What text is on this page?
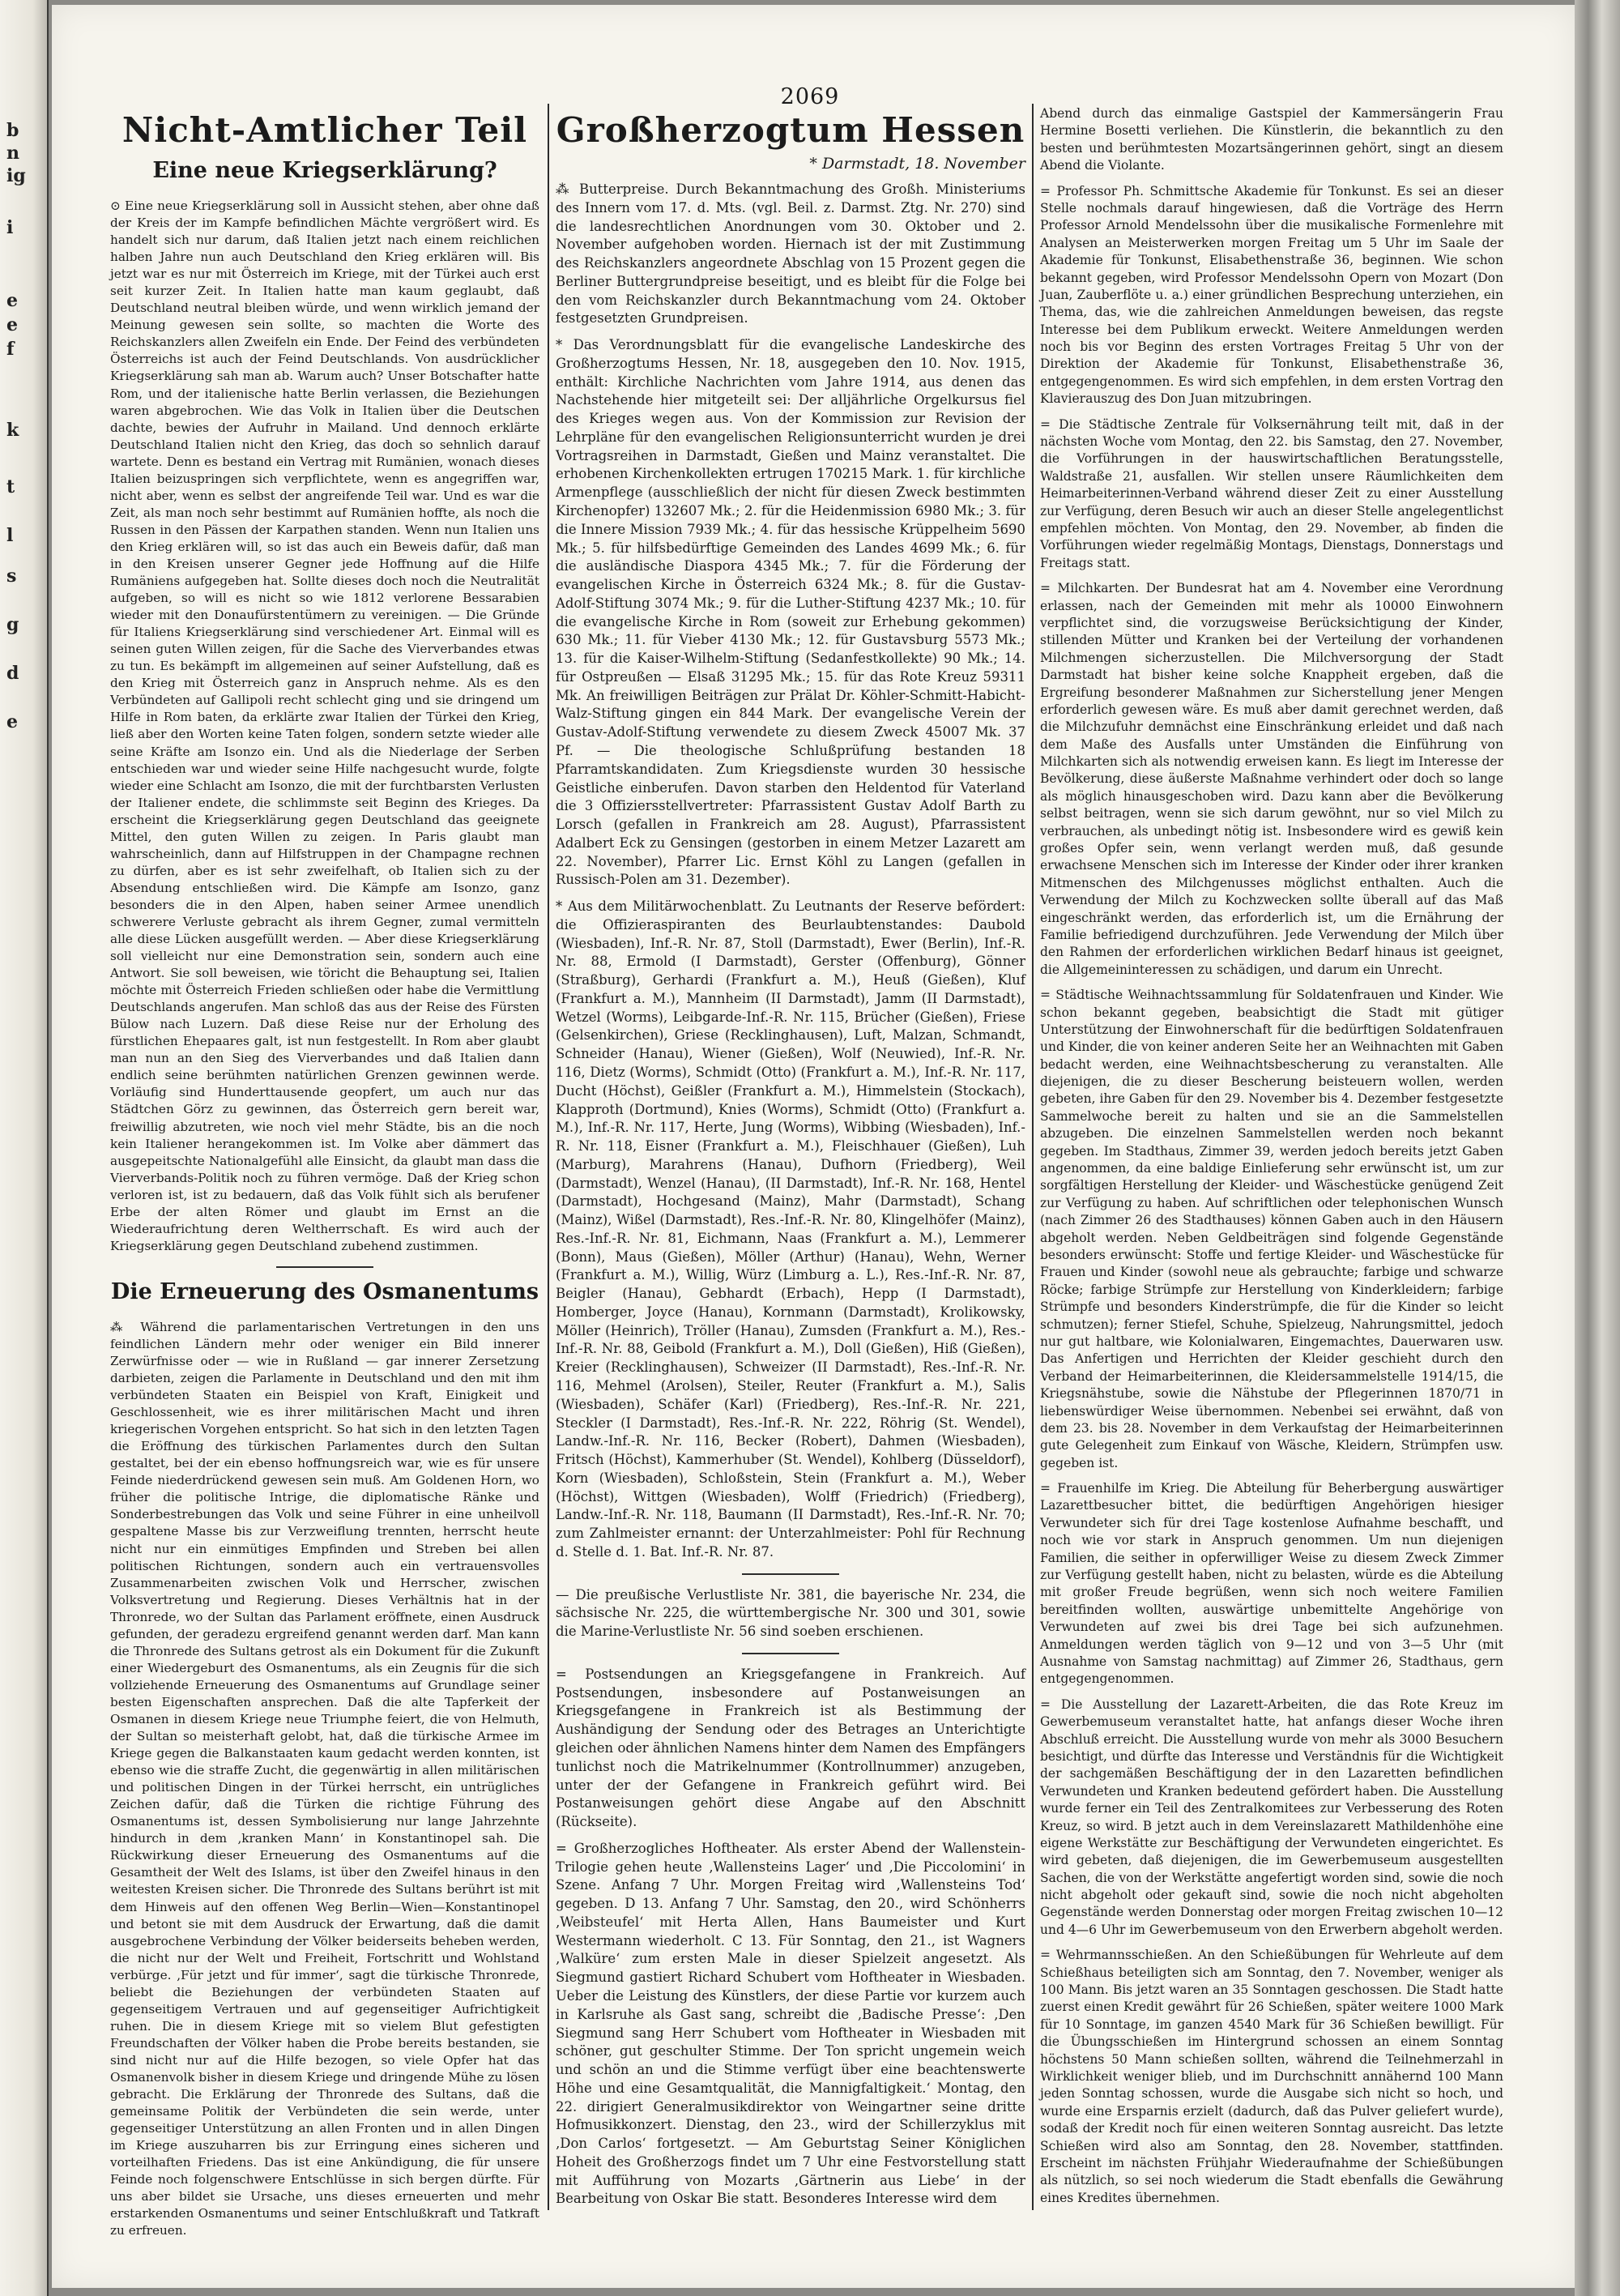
b
n
ig
i
e
e
f
k
t
l
s
g
d
e
2069
Nicht-Amtlicher Teil
Eine neue Kriegserklärung?

⊙ Eine neue Kriegserklärung soll in Aussicht stehen, aber ohne daß der Kreis der im Kampfe befindlichen Mächte vergrößert wird. Es handelt sich nur darum, daß Italien jetzt nach einem reichlichen halben Jahre nun auch Deutschland den Krieg erklären will. Bis jetzt war es nur mit Österreich im Kriege, mit der Türkei auch erst seit kurzer Zeit. In Italien hatte man kaum geglaubt, daß Deutschland neutral bleiben würde, und wenn wirklich jemand der Meinung gewesen sein sollte, so machten die Worte des Reichskanzlers allen Zweifeln ein Ende. Der Feind des verbündeten Österreichs ist auch der Feind Deutschlands. Von ausdrücklicher Kriegserklärung sah man ab. Warum auch? Unser Botschafter hatte Rom, und der italienische hatte Berlin verlassen, die Beziehungen waren abgebrochen. Wie das Volk in Italien über die Deutschen dachte, bewies der Aufruhr in Mailand. Und dennoch erklärte Deutschland Italien nicht den Krieg, das doch so sehnlich darauf wartete. Denn es bestand ein Vertrag mit Rumänien, wonach dieses Italien beizuspringen sich verpflichtete, wenn es angegriffen war, nicht aber, wenn es selbst der angreifende Teil war. Und es war die Zeit, als man noch sehr bestimmt auf Rumänien hoffte, als noch die Russen in den Pässen der Karpathen standen. Wenn nun Italien uns den Krieg erklären will, so ist das auch ein Beweis dafür, daß man in den Kreisen unserer Gegner jede Hoffnung auf die Hilfe Rumäniens aufgegeben hat. Sollte dieses doch noch die Neutralität aufgeben, so will es nicht so wie 1812 verlorene Bessarabien wieder mit den Donaufürstentümern zu vereinigen. — Die Gründe für Italiens Kriegserklärung sind verschiedener Art. Einmal will es seinen guten Willen zeigen, für die Sache des Vierverbandes etwas zu tun. Es bekämpft im allgemeinen auf seiner Aufstellung, daß es den Krieg mit Österreich ganz in Anspruch nehme. Als es den Verbündeten auf Gallipoli recht schlecht ging und sie dringend um Hilfe in Rom baten, da erklärte zwar Italien der Türkei den Krieg, ließ aber den Worten keine Taten folgen, sondern setzte wieder alle seine Kräfte am Isonzo ein. Und als die Niederlage der Serben entschieden war und wieder seine Hilfe nachgesucht wurde, folgte wieder eine Schlacht am Isonzo, die mit der furchtbarsten Verlusten der Italiener endete, die schlimmste seit Beginn des Krieges. Da erscheint die Kriegserklärung gegen Deutschland das geeignete Mittel, den guten Willen zu zeigen. In Paris glaubt man wahrscheinlich, dann auf Hilfstruppen in der Champagne rechnen zu dürfen, aber es ist sehr zweifelhaft, ob Italien sich zu der Absendung entschließen wird. Die Kämpfe am Isonzo, ganz besonders die in den Alpen, haben seiner Armee unendlich schwerere Verluste gebracht als ihrem Gegner, zumal vermitteln alle diese Lücken ausgefüllt werden. — Aber diese Kriegserklärung soll vielleicht nur eine Demonstration sein, sondern auch eine Antwort. Sie soll beweisen, wie töricht die Behauptung sei, Italien möchte mit Österreich Frieden schließen oder habe die Vermittlung Deutschlands angerufen. Man schloß das aus der Reise des Fürsten Bülow nach Luzern. Daß diese Reise nur der Erholung des fürstlichen Ehepaares galt, ist nun festgestellt. In Rom aber glaubt man nun an den Sieg des Vierverbandes und daß Italien dann endlich seine berühmten natürlichen Grenzen gewinnen werde. Vorläufig sind Hunderttausende geopfert, um auch nur das Städtchen Görz zu gewinnen, das Österreich gern bereit war, freiwillig abzutreten, wie noch viel mehr Städte, bis an die noch kein Italiener herangekommen ist. Im Volke aber dämmert das ausgepeitschte Nationalgefühl alle Einsicht, da glaubt man dass die Vierverbands-Politik noch zu führen vermöge. Daß der Krieg schon verloren ist, ist zu bedauern, daß das Volk fühlt sich als berufener Erbe der alten Römer und glaubt im Ernst an die Wiederaufrichtung deren Weltherrschaft. Es wird auch der Kriegserklärung gegen Deutschland zubehend zustimmen.

Die Erneuerung des Osmanentums

⁂ Während die parlamentarischen Vertretungen in den uns feindlichen Ländern mehr oder weniger ein Bild innerer Zerwürfnisse oder — wie in Rußland — gar innerer Zersetzung darbieten, zeigen die Parlamente in Deutschland und den mit ihm verbündeten Staaten ein Beispiel von Kraft, Einigkeit und Geschlossenheit, wie es ihrer militärischen Macht und ihren kriegerischen Vorgehen entspricht. So hat sich in den letzten Tagen die Eröffnung des türkischen Parlamentes durch den Sultan gestaltet, bei der ein ebenso hoffnungsreich war, wie es für unsere Feinde niederdrückend gewesen sein muß. Am Goldenen Horn, wo früher die politische Intrige, die diplomatische Ränke und Sonderbestrebungen das Volk und seine Führer in eine unheilvoll gespaltene Masse bis zur Verzweiflung trennten, herrscht heute nicht nur ein einmütiges Empfinden und Streben bei allen politischen Richtungen, sondern auch ein vertrauensvolles Zusammenarbeiten zwischen Volk und Herrscher, zwischen Volksvertretung und Regierung. Dieses Verhältnis hat in der Thronrede, wo der Sultan das Parlament eröffnete, einen Ausdruck gefunden, der geradezu ergreifend genannt werden darf. Man kann die Thronrede des Sultans getrost als ein Dokument für die Zukunft einer Wiedergeburt des Osmanentums, als ein Zeugnis für die sich vollziehende Erneuerung des Osmanentums auf Grundlage seiner besten Eigenschaften ansprechen. Daß die alte Tapferkeit der Osmanen in diesem Kriege neue Triumphe feiert, die von Helmuth, der Sultan so meisterhaft gelobt, hat, daß die türkische Armee im Kriege gegen die Balkanstaaten kaum gedacht werden konnten, ist ebenso wie die straffe Zucht, die gegenwärtig in allen militärischen und politischen Dingen in der Türkei herrscht, ein untrügliches Zeichen dafür, daß die Türken die richtige Führung des Osmanentums ist, dessen Symbolisierung nur lange Jahrzehnte hindurch in dem ‚kranken Mann‘ in Konstantinopel sah. Die Rückwirkung dieser Erneuerung des Osmanentums auf die Gesamtheit der Welt des Islams, ist über den Zweifel hinaus in den weitesten Kreisen sicher. Die Thronrede des Sultans berührt ist mit dem Hinweis auf den offenen Weg Berlin—Wien—Konstantinopel und betont sie mit dem Ausdruck der Erwartung, daß die damit ausgebrochene Verbindung der Völker beiderseits beheben werden, die nicht nur der Welt und Freiheit, Fortschritt und Wohlstand verbürge. ‚Für jetzt und für immer‘, sagt die türkische Thronrede, beliebt die Beziehungen der verbündeten Staaten auf gegenseitigem Vertrauen und auf gegenseitiger Aufrichtigkeit ruhen. Die in diesem Kriege mit so vielem Blut gefestigten Freundschaften der Völker haben die Probe bereits bestanden, sie sind nicht nur auf die Hilfe bezogen, so viele Opfer hat das Osmanenvolk bisher in diesem Kriege und dringende Mühe zu lösen gebracht. Die Erklärung der Thronrede des Sultans, daß die gemeinsame Politik der Verbündeten die sein werde, unter gegenseitiger Unterstützung an allen Fronten und in allen Dingen im Kriege auszuharren bis zur Erringung eines sicheren und vorteilhaften Friedens. Das ist eine Ankündigung, die für unsere Feinde noch folgenschwere Entschlüsse in sich bergen dürfte. Für uns aber bildet sie Ursache, uns dieses erneuerten und mehr erstarkenden Osmanentums und seiner Entschlußkraft und Tatkraft zu erfreuen.

Großherzogtum Hessen
* Darmstadt, 18. November

⁂ Butterpreise. Durch Bekanntmachung des Großh. Ministeriums des Innern vom 17. d. Mts. (vgl. Beil. z. Darmst. Ztg. Nr. 270) sind die landesrechtlichen Anordnungen vom 30. Oktober und 2. November aufgehoben worden. Hiernach ist der mit Zustimmung des Reichskanzlers angeordnete Abschlag von 15 Prozent gegen die Berliner Buttergrundpreise beseitigt, und es bleibt für die Folge bei den vom Reichskanzler durch Bekanntmachung vom 24. Oktober festgesetzten Grundpreisen.

* Das Verordnungsblatt für die evangelische Landeskirche des Großherzogtums Hessen, Nr. 18, ausgegeben den 10. Nov. 1915, enthält: Kirchliche Nachrichten vom Jahre 1914, aus denen das Nachstehende hier mitgeteilt sei: Der alljährliche Orgelkursus fiel des Krieges wegen aus. Von der Kommission zur Revision der Lehrpläne für den evangelischen Religionsunterricht wurden je drei Vortragsreihen in Darmstadt, Gießen und Mainz veranstaltet. Die erhobenen Kirchenkollekten ertrugen 170215 Mark. 1. für kirchliche Armenpflege (ausschließlich der nicht für diesen Zweck bestimmten Kirchenopfer) 132607 Mk.; 2. für die Heidenmission 6980 Mk.; 3. für die Innere Mission 7939 Mk.; 4. für das hessische Krüppelheim 5690 Mk.; 5. für hilfsbedürftige Gemeinden des Landes 4699 Mk.; 6. für die ausländische Diaspora 4345 Mk.; 7. für die Förderung der evangelischen Kirche in Österreich 6324 Mk.; 8. für die Gustav-Adolf-Stiftung 3074 Mk.; 9. für die Luther-Stiftung 4237 Mk.; 10. für die evangelische Kirche in Rom (soweit zur Erhebung gekommen) 630 Mk.; 11. für Vieber 4130 Mk.; 12. für Gustavsburg 5573 Mk.; 13. für die Kaiser-Wilhelm-Stiftung (Sedanfestkollekte) 90 Mk.; 14. für Ostpreußen — Elsaß 31295 Mk.; 15. für das Rote Kreuz 59311 Mk. An freiwilligen Beiträgen zur Prälat Dr. Köhler-Schmitt-Habicht-Walz-Stiftung gingen ein 844 Mark. Der evangelische Verein der Gustav-Adolf-Stiftung verwendete zu diesem Zweck 45007 Mk. 37 Pf. — Die theologische Schlußprüfung bestanden 18 Pfarramtskandidaten. Zum Kriegsdienste wurden 30 hessische Geistliche einberufen. Davon starben den Heldentod für Vaterland die 3 Offiziersstellvertreter: Pfarrassistent Gustav Adolf Barth zu Lorsch (gefallen in Frankreich am 28. August), Pfarrassistent Adalbert Eck zu Gensingen (gestorben in einem Metzer Lazarett am 22. November), Pfarrer Lic. Ernst Köhl zu Langen (gefallen in Russisch-Polen am 31. Dezember).

* Aus dem Militärwochenblatt. Zu Leutnants der Reserve befördert: die Offizieraspiranten des Beurlaubtenstandes: Daubold (Wiesbaden), Inf.-R. Nr. 87, Stoll (Darmstadt), Ewer (Berlin), Inf.-R. Nr. 88, Ermold (I Darmstadt), Gerster (Offenburg), Gönner (Straßburg), Gerhardi (Frankfurt a. M.), Heuß (Gießen), Kluf (Frankfurt a. M.), Mannheim (II Darmstadt), Jamm (II Darmstadt), Wetzel (Worms), Leibgarde-Inf.-R. Nr. 115, Brücher (Gießen), Friese (Gelsenkirchen), Griese (Recklinghausen), Luft, Malzan, Schmandt, Schneider (Hanau), Wiener (Gießen), Wolf (Neuwied), Inf.-R. Nr. 116, Dietz (Worms), Schmidt (Otto) (Frankfurt a. M.), Inf.-R. Nr. 117, Ducht (Höchst), Geißler (Frankfurt a. M.), Himmelstein (Stockach), Klapproth (Dortmund), Knies (Worms), Schmidt (Otto) (Frankfurt a. M.), Inf.-R. Nr. 117, Herte, Jung (Worms), Wibbing (Wiesbaden), Inf.-R. Nr. 118, Eisner (Frankfurt a. M.), Fleischhauer (Gießen), Luh (Marburg), Marahrens (Hanau), Dufhorn (Friedberg), Weil (Darmstadt), Wenzel (Hanau), (II Darmstadt), Inf.-R. Nr. 168, Hentel (Darmstadt), Hochgesand (Mainz), Mahr (Darmstadt), Schang (Mainz), Wißel (Darmstadt), Res.-Inf.-R. Nr. 80, Klingelhöfer (Mainz), Res.-Inf.-R. Nr. 81, Eichmann, Naas (Frankfurt a. M.), Lemmerer (Bonn), Maus (Gießen), Möller (Arthur) (Hanau), Wehn, Werner (Frankfurt a. M.), Willig, Würz (Limburg a. L.), Res.-Inf.-R. Nr. 87, Beigler (Hanau), Gebhardt (Erbach), Hepp (I Darmstadt), Homberger, Joyce (Hanau), Kornmann (Darmstadt), Krolikowsky, Möller (Heinrich), Tröller (Hanau), Zumsden (Frankfurt a. M.), Res.-Inf.-R. Nr. 88, Geibold (Frankfurt a. M.), Doll (Gießen), Hiß (Gießen), Kreier (Recklinghausen), Schweizer (II Darmstadt), Res.-Inf.-R. Nr. 116, Mehmel (Arolsen), Steiler, Reuter (Frankfurt a. M.), Salis (Wiesbaden), Schäfer (Karl) (Friedberg), Res.-Inf.-R. Nr. 221, Steckler (I Darmstadt), Res.-Inf.-R. Nr. 222, Röhrig (St. Wendel), Landw.-Inf.-R. Nr. 116, Becker (Robert), Dahmen (Wiesbaden), Fritsch (Höchst), Kammerhuber (St. Wendel), Kohlberg (Düsseldorf), Korn (Wiesbaden), Schloßstein, Stein (Frankfurt a. M.), Weber (Höchst), Wittgen (Wiesbaden), Wolff (Friedrich) (Friedberg), Landw.-Inf.-R. Nr. 118, Baumann (II Darmstadt), Res.-Inf.-R. Nr. 70; zum Zahlmeister ernannt: der Unterzahlmeister: Pohl für Rechnung d. Stelle d. 1. Bat. Inf.-R. Nr. 87.

— Die preußische Verlustliste Nr. 381, die bayerische Nr. 234, die sächsische Nr. 225, die württembergische Nr. 300 und 301, sowie die Marine-Verlustliste Nr. 56 sind soeben erschienen.

= Postsendungen an Kriegsgefangene in Frankreich. Auf Postsendungen, insbesondere auf Postanweisungen an Kriegsgefangene in Frankreich ist als Bestimmung der Aushändigung der Sendung oder des Betrages an Unterichtigte gleichen oder ähnlichen Namens hinter dem Namen des Empfängers tunlichst noch die Matrikelnummer (Kontrollnummer) anzugeben, unter der der Gefangene in Frankreich geführt wird. Bei Postanweisungen gehört diese Angabe auf den Abschnitt (Rückseite).

= Großherzogliches Hoftheater. Als erster Abend der Wallenstein-Trilogie gehen heute ‚Wallensteins Lager‘ und ‚Die Piccolomini‘ in Szene. Anfang 7 Uhr. Morgen Freitag wird ‚Wallensteins Tod‘ gegeben. D 13. Anfang 7 Uhr. Samstag, den 20., wird Schönherrs ‚Weibsteufel‘ mit Herta Allen, Hans Baumeister und Kurt Westermann wiederholt. C 13. Für Sonntag, den 21., ist Wagners ‚Walküre‘ zum ersten Male in dieser Spielzeit angesetzt. Als Siegmund gastiert Richard Schubert vom Hoftheater in Wiesbaden. Ueber die Leistung des Künstlers, der diese Partie vor kurzem auch in Karlsruhe als Gast sang, schreibt die ‚Badische Presse‘: ‚Den Siegmund sang Herr Schubert vom Hoftheater in Wiesbaden mit schöner, gut geschulter Stimme. Der Ton spricht ungemein weich und schön an und die Stimme verfügt über eine beachtenswerte Höhe und eine Gesamtqualität, die Mannigfaltigkeit.‘ Montag, den 22. dirigiert Generalmusikdirektor von Weingartner seine dritte Hofmusikkonzert. Dienstag, den 23., wird der Schillerzyklus mit ‚Don Carlos‘ fortgesetzt. — Am Geburtstag Seiner Königlichen Hoheit des Großherzogs findet um 7 Uhr eine Festvorstellung statt mit Aufführung von Mozarts ‚Gärtnerin aus Liebe‘ in der Bearbeitung von Oskar Bie statt. Besonderes Interesse wird dem

Abend durch das einmalige Gastspiel der Kammersängerin Frau Hermine Bosetti verliehen. Die Künstlerin, die bekanntlich zu den besten und berühmtesten Mozartsängerinnen gehört, singt an diesem Abend die Violante.

= Professor Ph. Schmittsche Akademie für Tonkunst. Es sei an dieser Stelle nochmals darauf hingewiesen, daß die Vorträge des Herrn Professor Arnold Mendelssohn über die musikalische Formenlehre mit Analysen an Meisterwerken morgen Freitag um 5 Uhr im Saale der Akademie für Tonkunst, Elisabethenstraße 36, beginnen. Wie schon bekannt gegeben, wird Professor Mendelssohn Opern von Mozart (Don Juan, Zauberflöte u. a.) einer gründlichen Besprechung unterziehen, ein Thema, das, wie die zahlreichen Anmeldungen beweisen, das regste Interesse bei dem Publikum erweckt. Weitere Anmeldungen werden noch bis vor Beginn des ersten Vortrages Freitag 5 Uhr von der Direktion der Akademie für Tonkunst, Elisabethenstraße 36, entgegengenommen. Es wird sich empfehlen, in dem ersten Vortrag den Klavierauszug des Don Juan mitzubringen.

= Die Städtische Zentrale für Volksernährung teilt mit, daß in der nächsten Woche vom Montag, den 22. bis Samstag, den 27. November, die Vorführungen in der hauswirtschaftlichen Beratungsstelle, Waldstraße 21, ausfallen. Wir stellen unsere Räumlichkeiten dem Heimarbeiterinnen-Verband während dieser Zeit zu einer Ausstellung zur Verfügung, deren Besuch wir auch an dieser Stelle angelegentlichst empfehlen möchten. Von Montag, den 29. November, ab finden die Vorführungen wieder regelmäßig Montags, Dienstags, Donnerstags und Freitags statt.

= Milchkarten. Der Bundesrat hat am 4. November eine Verordnung erlassen, nach der Gemeinden mit mehr als 10000 Einwohnern verpflichtet sind, die vorzugsweise Berücksichtigung der Kinder, stillenden Mütter und Kranken bei der Verteilung der vorhandenen Milchmengen sicherzustellen. Die Milchversorgung der Stadt Darmstadt hat bisher keine solche Knappheit ergeben, daß die Ergreifung besonderer Maßnahmen zur Sicherstellung jener Mengen erforderlich gewesen wäre. Es muß aber damit gerechnet werden, daß die Milchzufuhr demnächst eine Einschränkung erleidet und daß nach dem Maße des Ausfalls unter Umständen die Einführung von Milchkarten sich als notwendig erweisen kann. Es liegt im Interesse der Bevölkerung, diese äußerste Maßnahme verhindert oder doch so lange als möglich hinausgeschoben wird. Dazu kann aber die Bevölkerung selbst beitragen, wenn sie sich darum gewöhnt, nur so viel Milch zu verbrauchen, als unbedingt nötig ist. Insbesondere wird es gewiß kein großes Opfer sein, wenn verlangt werden muß, daß gesunde erwachsene Menschen sich im Interesse der Kinder oder ihrer kranken Mitmenschen des Milchgenusses möglichst enthalten. Auch die Verwendung der Milch zu Kochzwecken sollte überall auf das Maß eingeschränkt werden, das erforderlich ist, um die Ernährung der Familie befriedigend durchzuführen. Jede Verwendung der Milch über den Rahmen der erforderlichen wirklichen Bedarf hinaus ist geeignet, die Allgemeininteressen zu schädigen, und darum ein Unrecht.

= Städtische Weihnachtssammlung für Soldatenfrauen und Kinder. Wie schon bekannt gegeben, beabsichtigt die Stadt mit gütiger Unterstützung der Einwohnerschaft für die bedürftigen Soldatenfrauen und Kinder, die von keiner anderen Seite her an Weihnachten mit Gaben bedacht werden, eine Weihnachtsbescherung zu veranstalten. Alle diejenigen, die zu dieser Bescherung beisteuern wollen, werden gebeten, ihre Gaben für den 29. November bis 4. Dezember festgesetzte Sammelwoche bereit zu halten und sie an die Sammelstellen abzugeben. Die einzelnen Sammelstellen werden noch bekannt gegeben. Im Stadthaus, Zimmer 39, werden jedoch bereits jetzt Gaben angenommen, da eine baldige Einlieferung sehr erwünscht ist, um zur sorgfältigen Herstellung der Kleider- und Wäschestücke genügend Zeit zur Verfügung zu haben. Auf schriftlichen oder telephonischen Wunsch (nach Zimmer 26 des Stadthauses) können Gaben auch in den Häusern abgeholt werden. Neben Geldbeiträgen sind folgende Gegenstände besonders erwünscht: Stoffe und fertige Kleider- und Wäschestücke für Frauen und Kinder (sowohl neue als gebrauchte; farbige und schwarze Röcke; farbige Strümpfe zur Herstellung von Kinderkleidern; farbige Strümpfe und besonders Kinderstrümpfe, die für die Kinder so leicht schmutzen); ferner Stiefel, Schuhe, Spielzeug, Nahrungsmittel, jedoch nur gut haltbare, wie Kolonialwaren, Eingemachtes, Dauerwaren usw. Das Anfertigen und Herrichten der Kleider geschieht durch den Verband der Heimarbeiterinnen, die Kleidersammelstelle 1914/15, die Kriegsnähstube, sowie die Nähstube der Pflegerinnen 1870/71 in liebenswürdiger Weise übernommen. Nebenbei sei erwähnt, daß von dem 23. bis 28. November in dem Verkaufstag der Heimarbeiterinnen gute Gelegenheit zum Einkauf von Wäsche, Kleidern, Strümpfen usw. gegeben ist.

= Frauenhilfe im Krieg. Die Abteilung für Beherbergung auswärtiger Lazarettbesucher bittet, die bedürftigen Angehörigen hiesiger Verwundeter sich für drei Tage kostenlose Aufnahme beschafft, und noch wie vor stark in Anspruch genommen. Um nun diejenigen Familien, die seither in opferwilliger Weise zu diesem Zweck Zimmer zur Verfügung gestellt haben, nicht zu belasten, würde es die Abteilung mit großer Freude begrüßen, wenn sich noch weitere Familien bereitfinden wollten, auswärtige unbemittelte Angehörige von Verwundeten auf zwei bis drei Tage bei sich aufzunehmen. Anmeldungen werden täglich von 9—12 und von 3—5 Uhr (mit Ausnahme von Samstag nachmittag) auf Zimmer 26, Stadthaus, gern entgegengenommen.

= Die Ausstellung der Lazarett-Arbeiten, die das Rote Kreuz im Gewerbemuseum veranstaltet hatte, hat anfangs dieser Woche ihren Abschluß erreicht. Die Ausstellung wurde von mehr als 3000 Besuchern besichtigt, und dürfte das Interesse und Verständnis für die Wichtigkeit der sachgemäßen Beschäftigung der in den Lazaretten befindlichen Verwundeten und Kranken bedeutend gefördert haben. Die Ausstellung wurde ferner ein Teil des Zentralkomitees zur Verbesserung des Roten Kreuz, so wird. B jetzt auch in dem Vereinslazarett Mathildenhöhe eine eigene Werkstätte zur Beschäftigung der Verwundeten eingerichtet. Es wird gebeten, daß diejenigen, die im Gewerbemuseum ausgestellten Sachen, die von der Werkstätte angefertigt worden sind, sowie die noch nicht abgeholt oder gekauft sind, sowie die noch nicht abgeholten Gegenstände werden Donnerstag oder morgen Freitag zwischen 10—12 und 4—6 Uhr im Gewerbemuseum von den Erwerbern abgeholt werden.

= Wehrmannsschießen. An den Schießübungen für Wehrleute auf dem Schießhaus beteiligten sich am Sonntag, den 7. November, weniger als 100 Mann. Bis jetzt waren an 35 Sonntagen geschossen. Die Stadt hatte zuerst einen Kredit gewährt für 26 Schießen, später weitere 1000 Mark für 10 Sonntage, im ganzen 4540 Mark für 36 Schießen bewilligt. Für die Übungsschießen im Hintergrund schossen an einem Sonntag höchstens 50 Mann schießen sollten, während die Teilnehmerzahl in Wirklichkeit weniger blieb, und im Durchschnitt annähernd 100 Mann jeden Sonntag schossen, wurde die Ausgabe sich nicht so hoch, und wurde eine Ersparnis erzielt (dadurch, daß das Pulver geliefert wurde), sodaß der Kredit noch für einen weiteren Sonntag ausreicht. Das letzte Schießen wird also am Sonntag, den 28. November, stattfinden. Erscheint im nächsten Frühjahr Wiederaufnahme der Schießübungen als nützlich, so sei noch wiederum die Stadt ebenfalls die Gewährung eines Kredites übernehmen.
